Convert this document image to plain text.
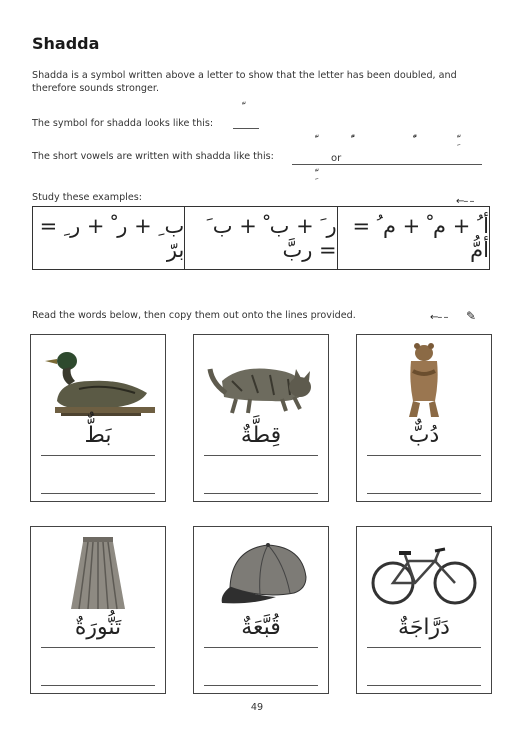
Shadda
Shadda is a symbol written above a letter to show that the letter has been doubled, and therefore sounds stronger.
The symbol for shadda looks like this:
The short vowels are written with shadda like this:	or
Study these examples:	←– –
ب ِ + ر ْ + ر ِ = برّ
ر َ + ب ْ + ب َ = ربَّ
أ ُ + م ْ + م ُ = أمُّ
Read the words below, then copy them out onto the lines provided.	←– – ✎
بَطٌّ	قِطَّةٌ	دُبٌّ
تَنُّورَةٌ	قُبَّعَةٌ	دَرَّاجَةٌ
49
